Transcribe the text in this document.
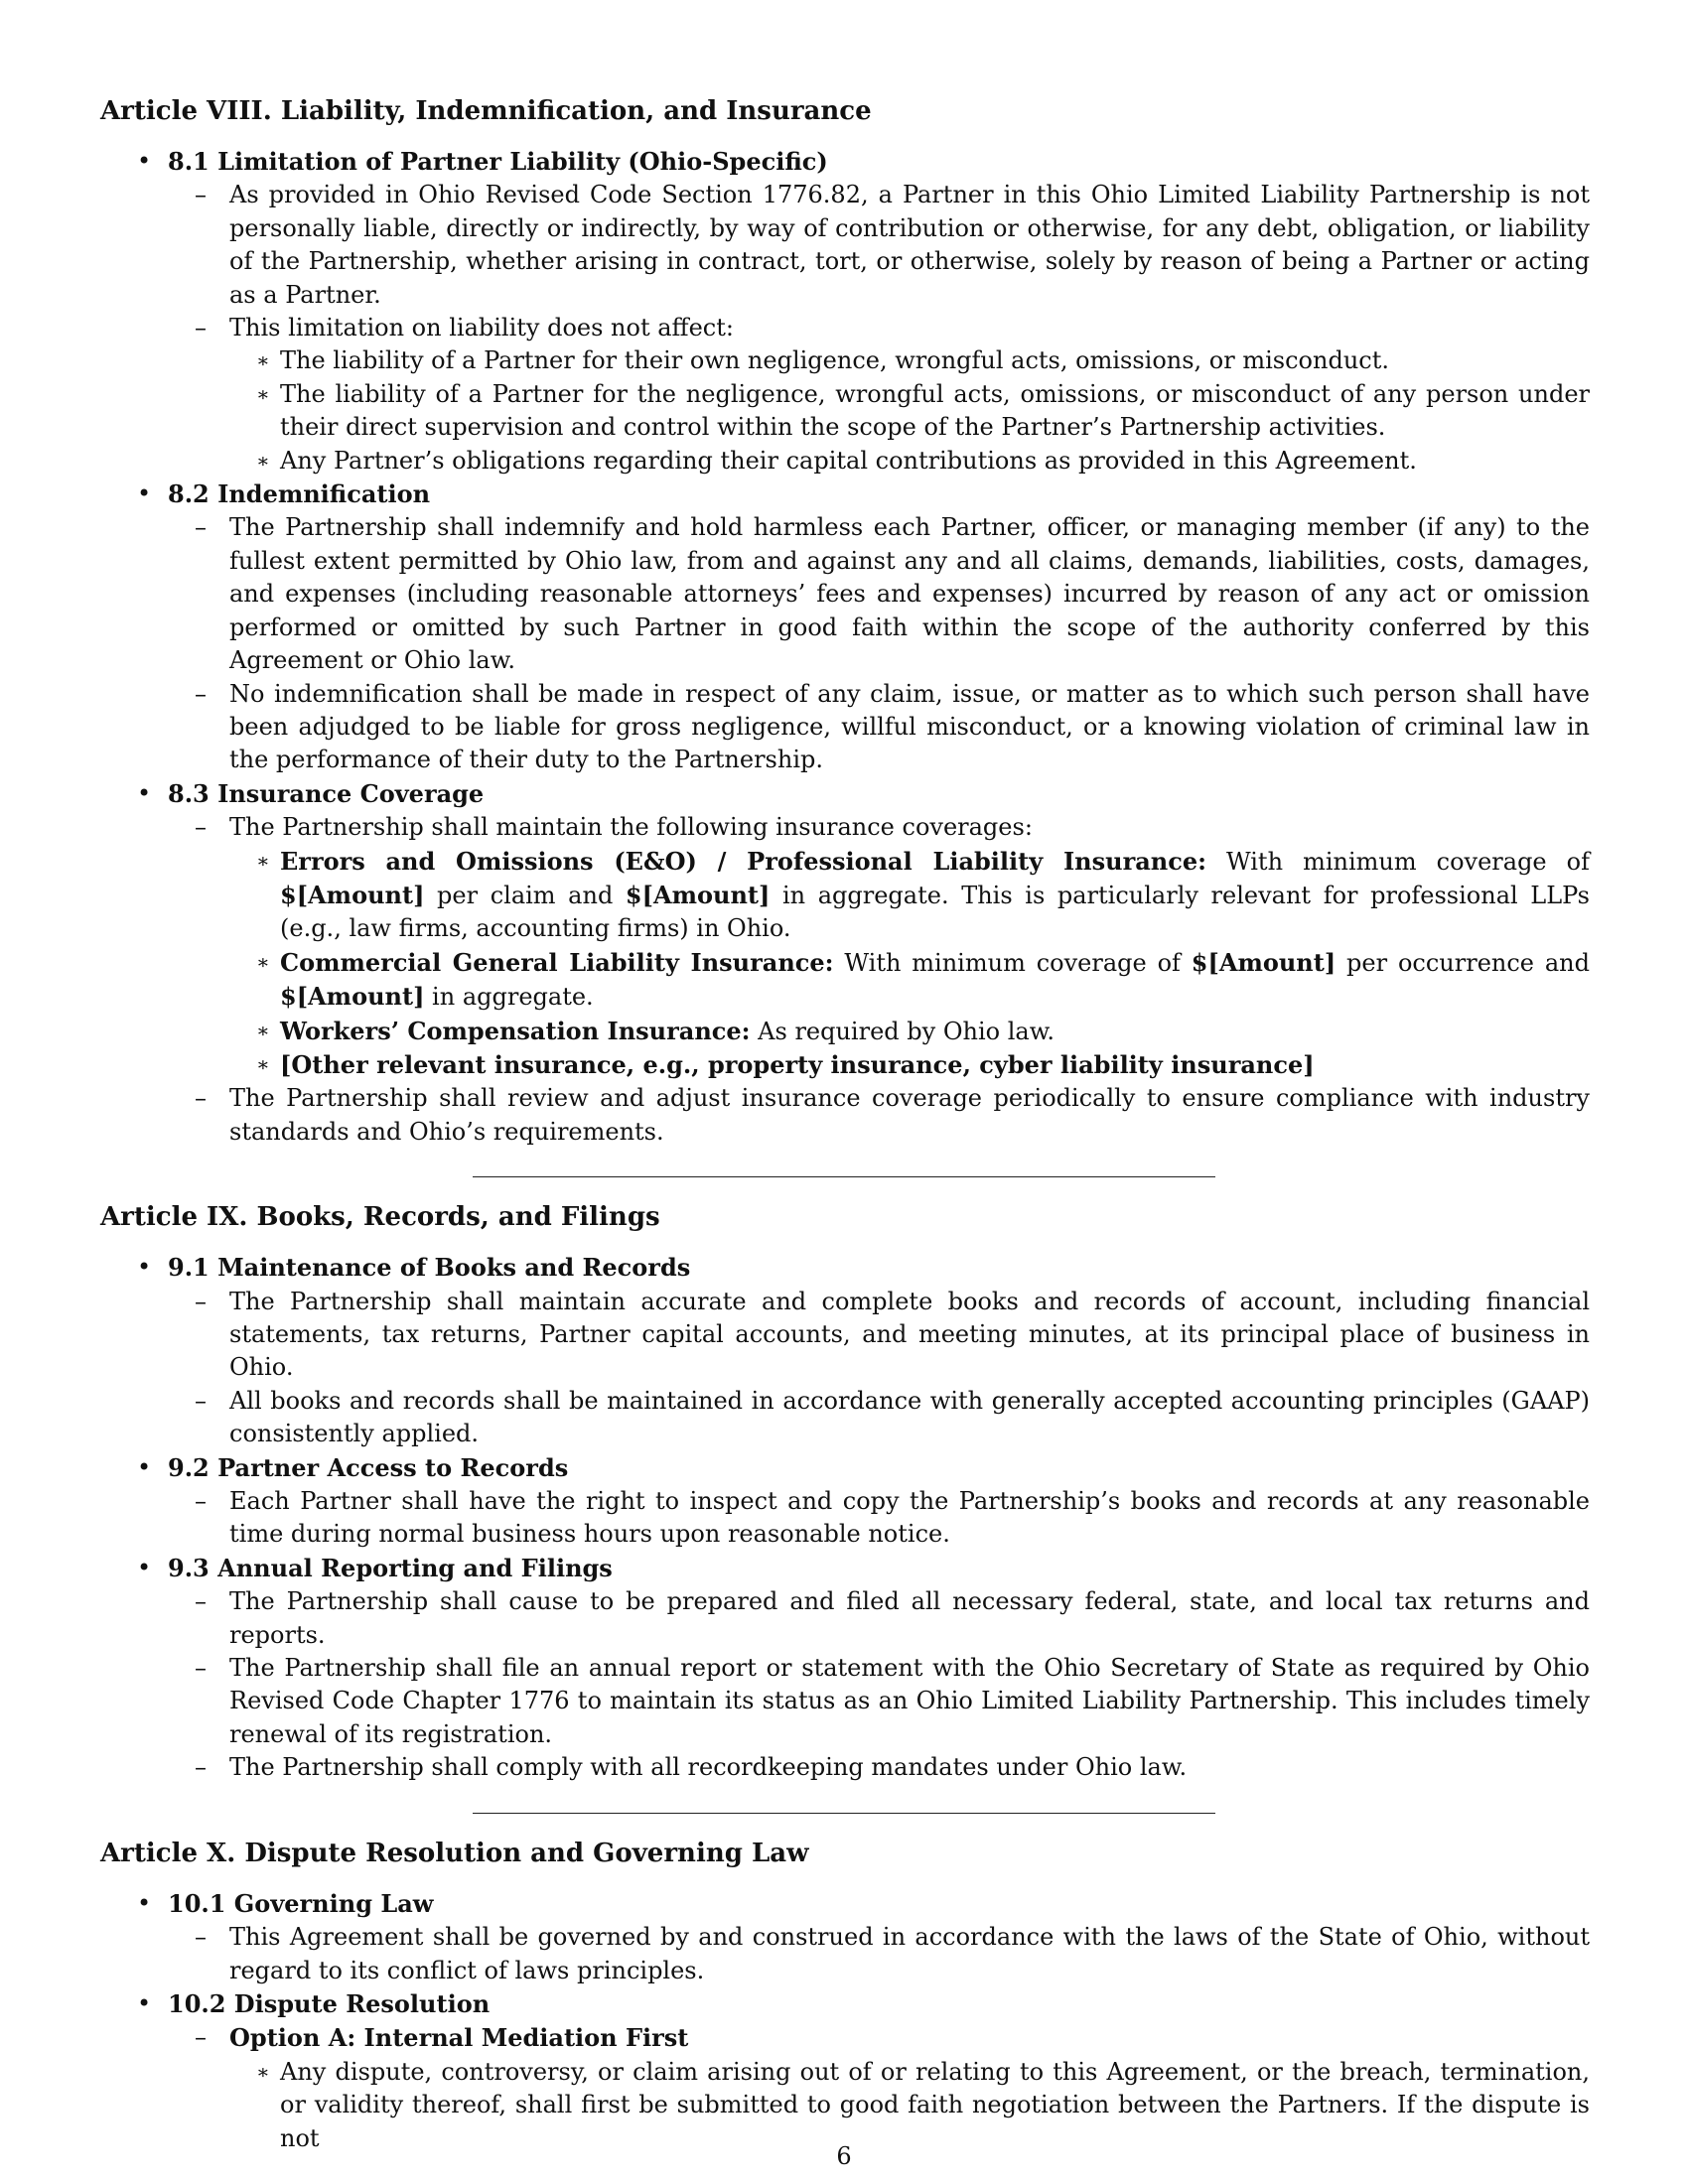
Article VIII. Liability, Indemnification, and Insurance
• 8.1 Limitation of Partner Liability (Ohio-Specific)

– As provided in Ohio Revised Code Section 1776.82, a Partner in this Ohio Limited Liability Partnership is not personally liable, directly or indirectly, by way of contribution or otherwise, for any debt, obligation, or liability of the Partnership, whether arising in contract, tort, or otherwise, solely by reason of being a Partner or acting as a Partner.

– This limitation on liability does not affect:

∗ The liability of a Partner for their own negligence, wrongful acts, omissions, or misconduct.

∗ The liability of a Partner for the negligence, wrongful acts, omissions, or misconduct of any person under their direct supervision and control within the scope of the Partner’s Partnership activities.

∗ Any Partner’s obligations regarding their capital contributions as provided in this Agreement.

• 8.2 Indemnification

– The Partnership shall indemnify and hold harmless each Partner, officer, or managing member (if any) to the fullest extent permitted by Ohio law, from and against any and all claims, demands, liabilities, costs, damages, and expenses (including reasonable attorneys’ fees and expenses) incurred by reason of any act or omission performed or omitted by such Partner in good faith within the scope of the authority conferred by this Agreement or Ohio law.

– No indemnification shall be made in respect of any claim, issue, or matter as to which such person shall have been adjudged to be liable for gross negligence, willful misconduct, or a knowing violation of criminal law in the performance of their duty to the Partnership.

• 8.3 Insurance Coverage

– The Partnership shall maintain the following insurance coverages:

∗ Errors and Omissions (E&O) / Professional Liability Insurance: With minimum coverage of $[Amount] per claim and $[Amount] in aggregate. This is particularly relevant for professional LLPs (e.g., law firms, accounting firms) in Ohio.

∗ Commercial General Liability Insurance: With minimum coverage of $[Amount] per occurrence and $[Amount] in aggregate.

∗ Workers’ Compensation Insurance: As required by Ohio law.

∗ [Other relevant insurance, e.g., property insurance, cyber liability insurance]

– The Partnership shall review and adjust insurance coverage periodically to ensure compliance with industry standards and Ohio’s requirements.

Article IX. Books, Records, and Filings
• 9.1 Maintenance of Books and Records

– The Partnership shall maintain accurate and complete books and records of account, including financial statements, tax returns, Partner capital accounts, and meeting minutes, at its principal place of business in Ohio.

– All books and records shall be maintained in accordance with generally accepted accounting principles (GAAP) consistently applied.

• 9.2 Partner Access to Records

– Each Partner shall have the right to inspect and copy the Partnership’s books and records at any reasonable time during normal business hours upon reasonable notice.

• 9.3 Annual Reporting and Filings

– The Partnership shall cause to be prepared and filed all necessary federal, state, and local tax returns and reports.

– The Partnership shall file an annual report or statement with the Ohio Secretary of State as required by Ohio Revised Code Chapter 1776 to maintain its status as an Ohio Limited Liability Partnership. This includes timely renewal of its registration.

– The Partnership shall comply with all recordkeeping mandates under Ohio law.

Article X. Dispute Resolution and Governing Law
• 10.1 Governing Law

– This Agreement shall be governed by and construed in accordance with the laws of the State of Ohio, without regard to its conflict of laws principles.

• 10.2 Dispute Resolution
– Option A: Internal Mediation First

∗ Any dispute, controversy, or claim arising out of or relating to this Agreement, or the breach, termination, or validity thereof, shall first be submitted to good faith negotiation between the Partners. If the dispute is not

6
